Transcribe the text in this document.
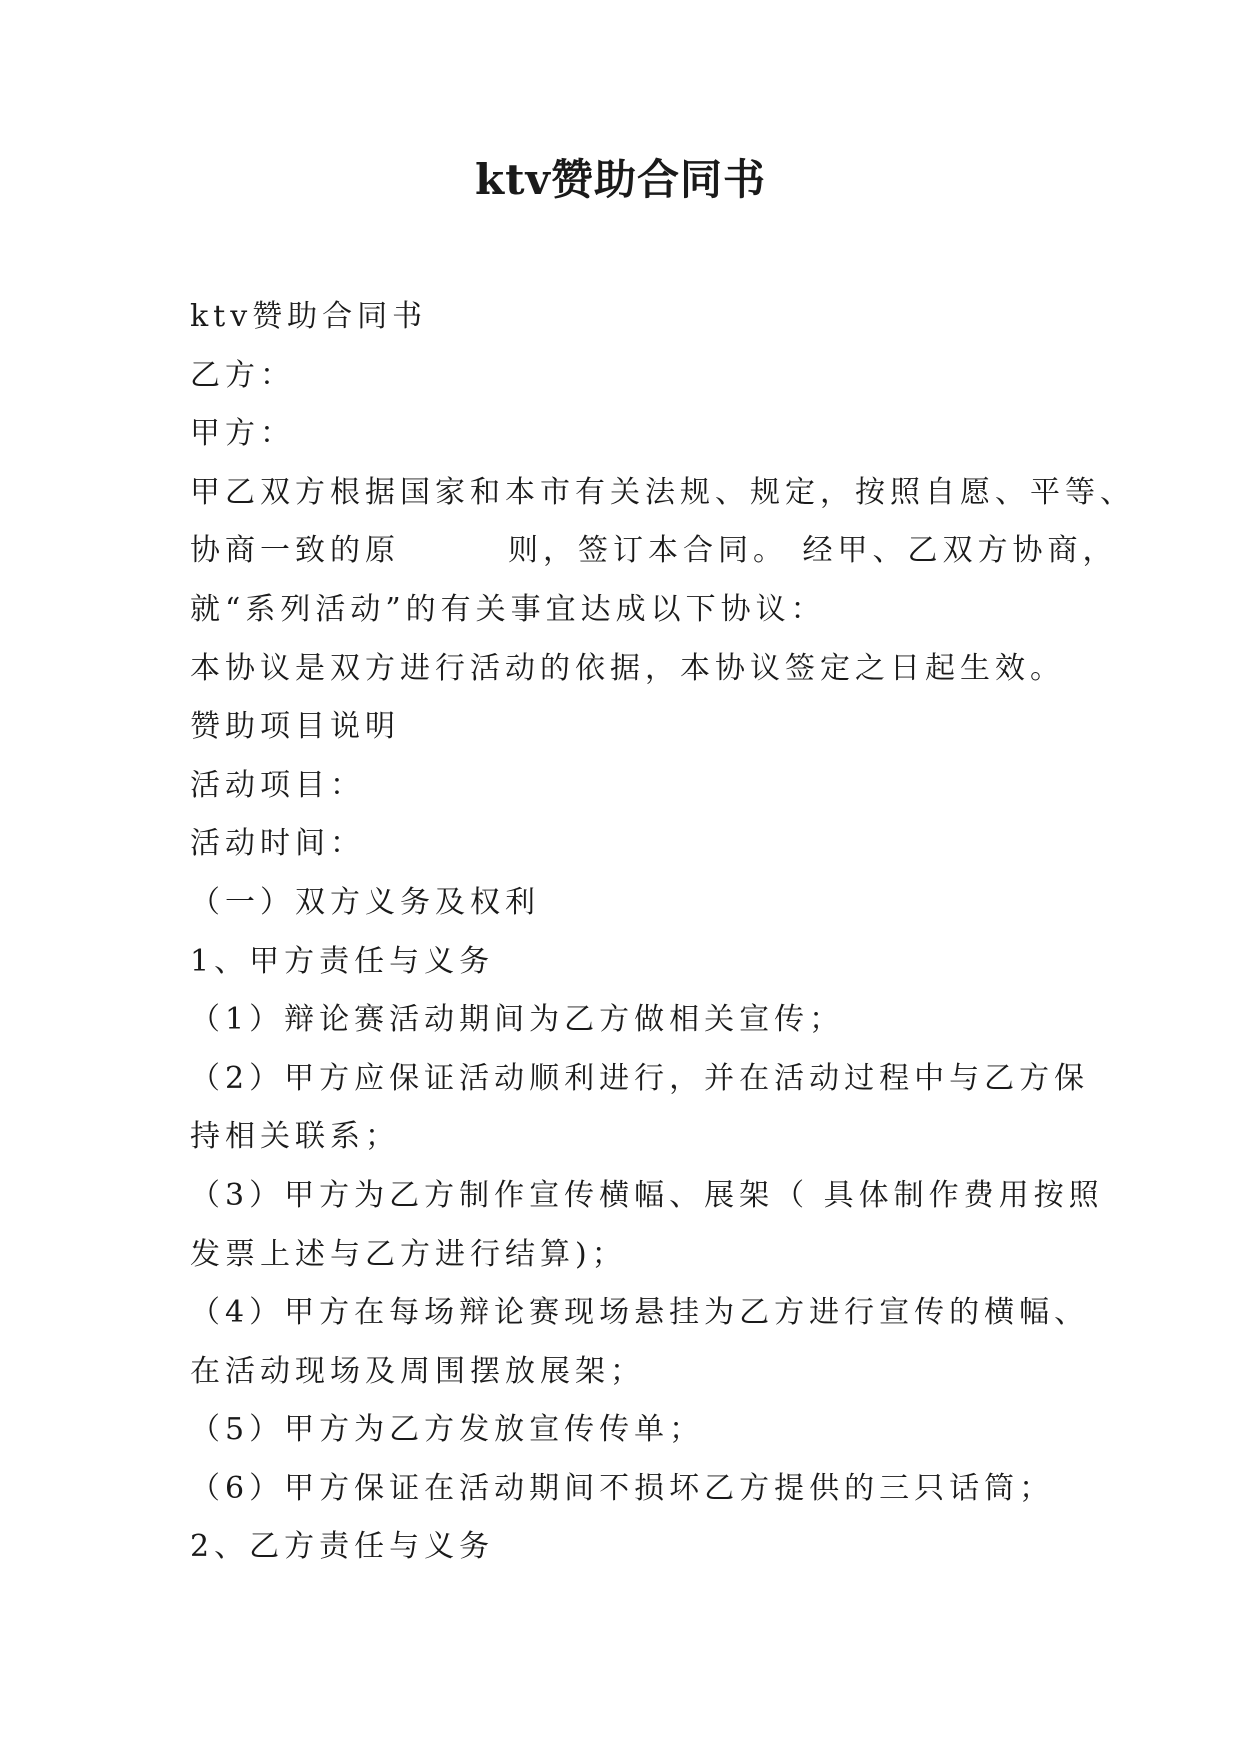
ktv赞助合同书
ktv赞助合同书
乙方：
甲方：
甲乙双方根据国家和本市有关法规、规定，按照自愿、平等、
协商一致的原	则，签订本合同。 经甲、乙双方协商，
就“系列活动”的有关事宜达成以下协议：
本协议是双方进行活动的依据，本协议签定之日起生效。
赞助项目说明
活动项目：
活动时间：
（一）双方义务及权利
1、甲方责任与义务
（1）辩论赛活动期间为乙方做相关宣传；
（2）甲方应保证活动顺利进行，并在活动过程中与乙方保
持相关联系；
（3）甲方为乙方制作宣传横幅、展架（ 具体制作费用按照
发票上述与乙方进行结算)；
（4）甲方在每场辩论赛现场悬挂为乙方进行宣传的横幅、
在活动现场及周围摆放展架；
（5）甲方为乙方发放宣传传单；
（6）甲方保证在活动期间不损坏乙方提供的三只话筒；
2、乙方责任与义务
